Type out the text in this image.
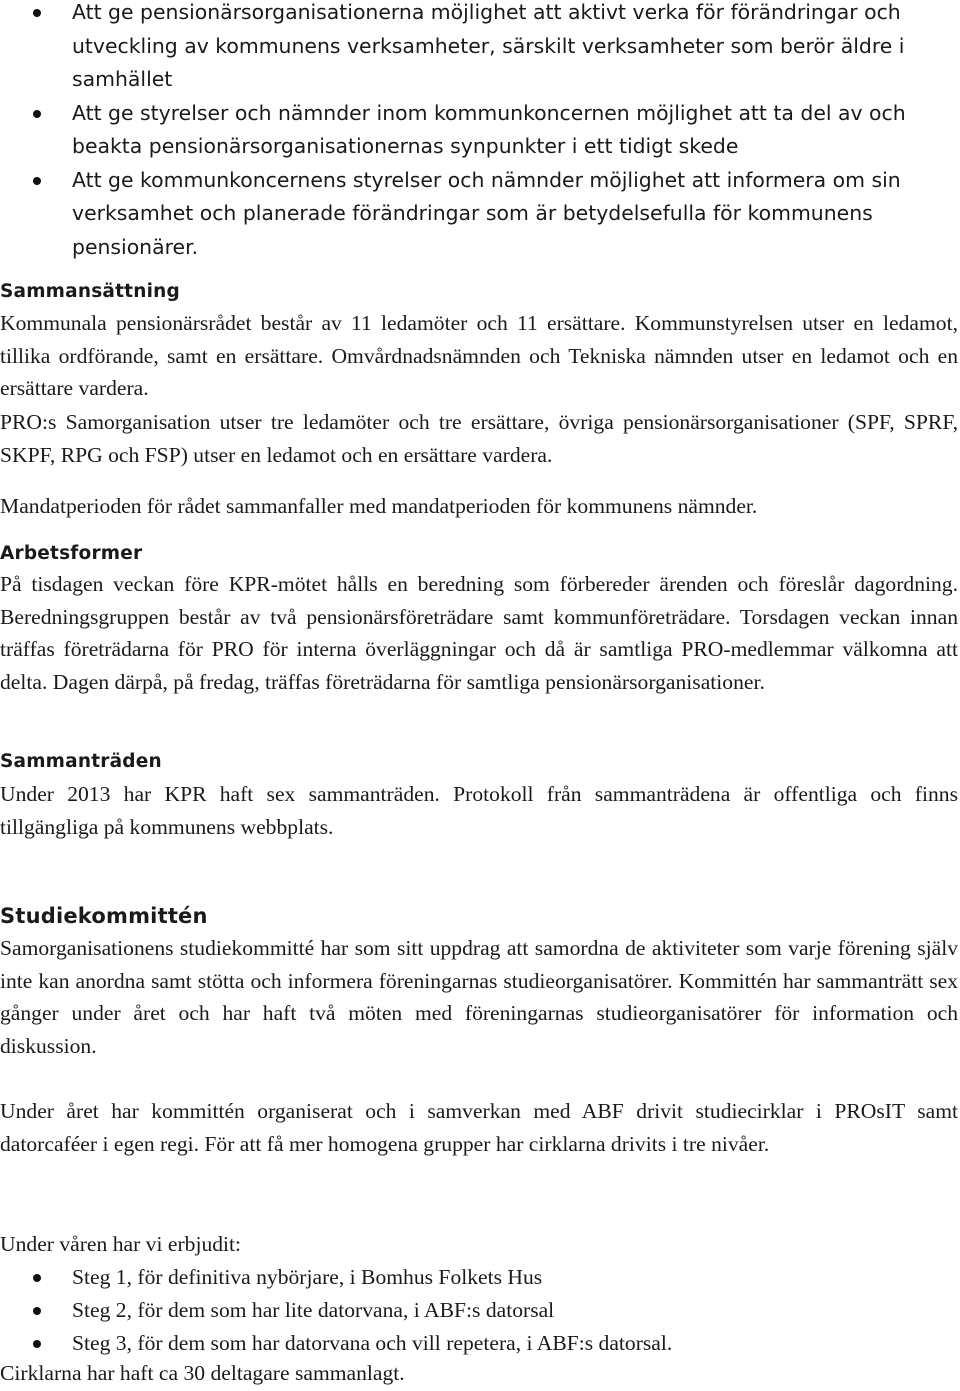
Att ge pensionärsorganisationerna möjlighet att aktivt verka för förändringar och utveckling av kommunens verksamheter, särskilt verksamheter som berör äldre i samhället
Att ge styrelser och nämnder inom kommunkoncernen möjlighet att ta del av och beakta pensionärsorganisationernas synpunkter i ett tidigt skede
Att ge kommunkoncernens styrelser och nämnder möjlighet att informera om sin verksamhet och planerade förändringar som är betydelsefulla för kommunens pensionärer.
Sammansättning

Kommunala pensionärsrådet består av 11 ledamöter och 11 ersättare. Kommunstyrelsen utser en ledamot, tillika ordförande, samt en ersättare. Omvårdnadsnämnden och Tekniska nämnden utser en ledamot och en ersättare vardera.

PRO:s Samorganisation utser tre ledamöter och tre ersättare, övriga pensionärsorganisationer (SPF, SPRF, SKPF, RPG och FSP) utser en ledamot och en ersättare vardera.

Mandatperioden för rådet sammanfaller med mandatperioden för kommunens nämnder.

Arbetsformer

På tisdagen veckan före KPR-mötet hålls en beredning som förbereder ärenden och föreslår dagordning. Beredningsgruppen består av två pensionärsföreträdare samt kommunföreträdare. Torsdagen veckan innan träffas företrädarna för PRO för interna överläggningar och då är samtliga PRO-medlemmar välkomna att delta. Dagen därpå, på fredag, träffas företrädarna för samtliga pensionärsorganisationer.

Sammanträden

Under 2013 har KPR haft sex sammanträden. Protokoll från sammanträdena är offentliga och finns tillgängliga på kommunens webbplats.

Studiekommittén

Samorganisationens studiekommitté har som sitt uppdrag att samordna de aktiviteter som varje förening själv inte kan anordna samt stötta och informera föreningarnas studieorganisatörer. Kommittén har sammanträtt sex gånger under året och har haft två möten med föreningarnas studieorganisatörer för information och diskussion.

Under året har kommittén organiserat och i samverkan med ABF drivit studiecirklar i PROsIT samt datorcaféer i egen regi. För att få mer homogena grupper har cirklarna drivits i tre nivåer.

Under våren har vi erbjudit:

Steg 1, för definitiva nybörjare, i Bomhus Folkets Hus
Steg 2, för dem som har lite datorvana, i ABF:s datorsal
Steg 3, för dem som har datorvana och vill repetera, i ABF:s datorsal.

Cirklarna har haft ca 30 deltagare sammanlagt.
